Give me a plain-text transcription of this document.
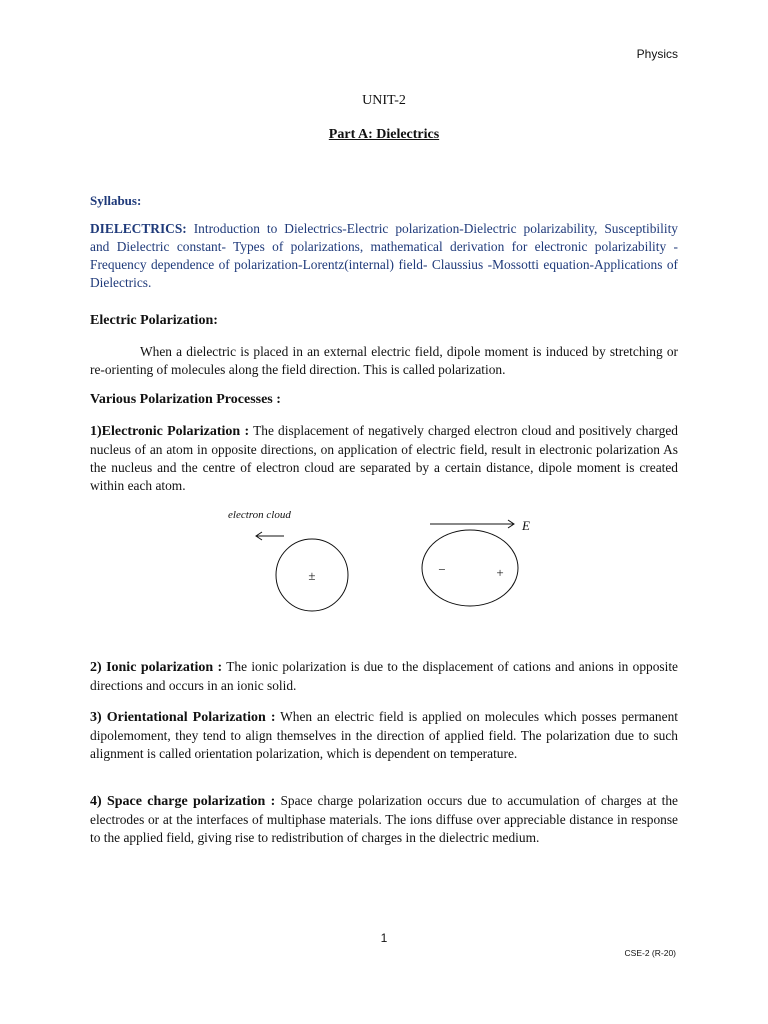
Physics
UNIT-2
Part A: Dielectrics
Syllabus:
DIELECTRICS: Introduction to Dielectrics-Electric polarization-Dielectric polarizability, Susceptibility and Dielectric constant- Types of polarizations, mathematical derivation for electronic polarizability - Frequency dependence of polarization-Lorentz(internal) field- Claussius -Mossotti equation-Applications of Dielectrics.
Electric Polarization:
When a dielectric is placed in an external electric field, dipole moment is induced by stretching or re-orienting of molecules along the field direction. This is called polarization.
Various Polarization Processes :
1)Electronic Polarization : The displacement of negatively charged electron cloud and positively charged nucleus of an atom in opposite directions, on application of electric field, result in electronic polarization As the nucleus and the centre of electron cloud are separated by a certain distance, dipole moment is created within each atom.
electron cloud
±
E
−	+
2) Ionic polarization : The ionic polarization is due to the displacement of cations and anions in opposite directions and occurs in an ionic solid.
3) Orientational Polarization : When an electric field is applied on molecules which posses permanent dipolemoment, they tend to align themselves in the direction of applied field. The polarization due to such alignment is called orientation polarization, which is dependent on temperature.
4) Space charge polarization : Space charge polarization occurs due to accumulation of charges at the electrodes or at the interfaces of multiphase materials. The ions diffuse over appreciable distance in response to the applied field, giving rise to redistribution of charges in the dielectric medium.
1
CSE-2 (R-20)
